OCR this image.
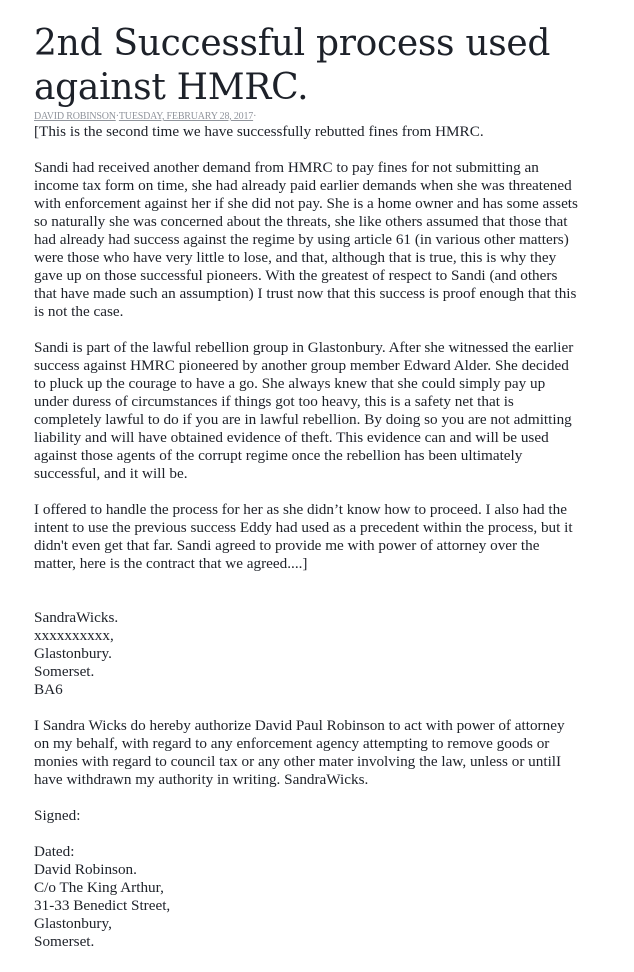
2nd Successful process used
against HMRC.
DAVID ROBINSON·TUESDAY, FEBRUARY 28, 2017·

[This is the second time we have successfully rebutted fines from HMRC.

Sandi had received another demand from HMRC to pay fines for not submitting an
income tax form on time, she had already paid earlier demands when she was threatened
with enforcement against her if she did not pay. She is a home owner and has some assets
so naturally she was concerned about the threats, she like others assumed that those that
had already had success against the regime by using article 61 (in various other matters)
were those who have very little to lose, and that, although that is true, this is why they
gave up on those successful pioneers. With the greatest of respect to Sandi (and others
that have made such an assumption) I trust now that this success is proof enough that this
is not the case.

Sandi is part of the lawful rebellion group in Glastonbury. After she witnessed the earlier
success against HMRC pioneered by another group member Edward Alder. She decided
to pluck up the courage to have a go. She always knew that she could simply pay up
under duress of circumstances if things got too heavy, this is a safety net that is
completely lawful to do if you are in lawful rebellion. By doing so you are not admitting
liability and will have obtained evidence of theft. This evidence can and will be used
against those agents of the corrupt regime once the rebellion has been ultimately
successful, and it will be.

I offered to handle the process for her as she didn’t know how to proceed. I also had the
intent to use the previous success Eddy had used as a precedent within the process, but it
didn't even get that far. Sandi agreed to provide me with power of attorney over the
matter, here is the contract that we agreed....]

SandraWicks.
xxxxxxxxxx,
Glastonbury.
Somerset.
BA6

I Sandra Wicks do hereby authorize David Paul Robinson to act with power of attorney
on my behalf, with regard to any enforcement agency attempting to remove goods or
monies with regard to council tax or any other mater involving the law, unless or untilI
have withdrawn my authority in writing. SandraWicks.

Signed:

Dated:
David Robinson.
C/o The King Arthur,
31-33 Benedict Street,
Glastonbury,
Somerset.
